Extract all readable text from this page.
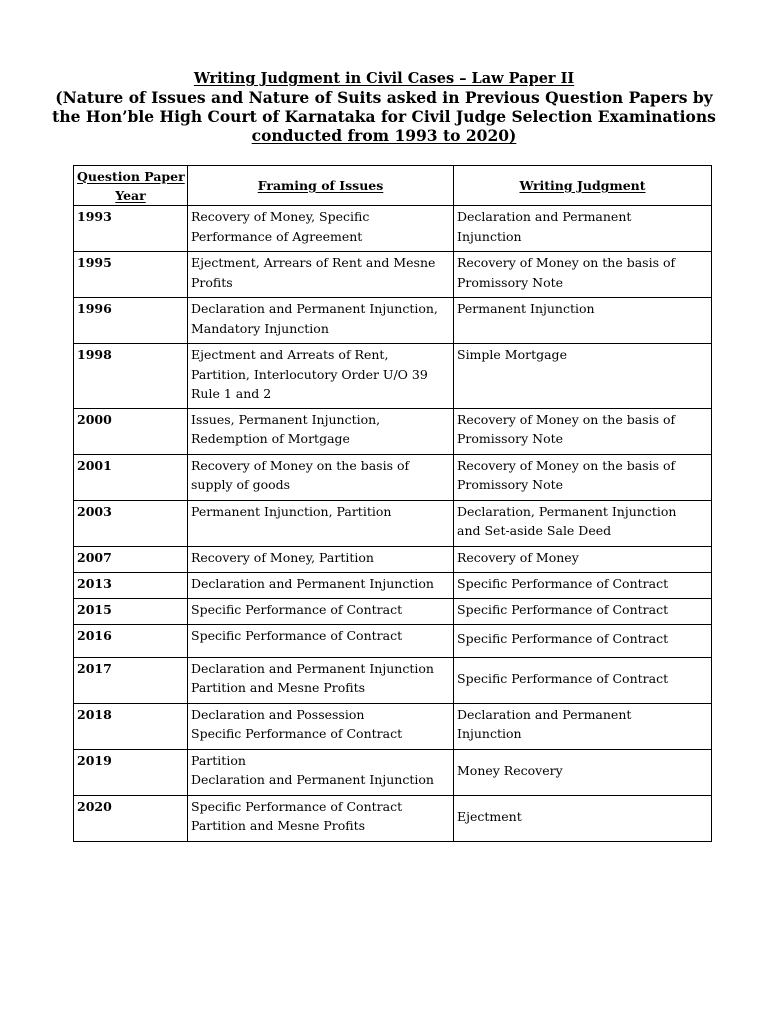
Writing Judgment in Civil Cases – Law Paper II
(Nature of Issues and Nature of Suits asked in Previous Question Papers by
the Hon’ble High Court of Karnataka for Civil Judge Selection Examinations
conducted from 1993 to 2020)
Question Paper
Year	Framing of Issues	Writing Judgment
1993	Recovery of Money, Specific
Performance of Agreement	Declaration and Permanent
Injunction

1995	Ejectment, Arrears of Rent and Mesne
Profits	Recovery of Money on the basis of
Promissory Note

1996	Declaration and Permanent Injunction,
Mandatory Injunction	Permanent Injunction

1998	Ejectment and Arreats of Rent,
Partition, Interlocutory Order U/O 39
Rule 1 and 2	Simple Mortgage

2000	Issues, Permanent Injunction,
Redemption of Mortgage	Recovery of Money on the basis of
Promissory Note

2001	Recovery of Money on the basis of
supply of goods	Recovery of Money on the basis of
Promissory Note

2003	Permanent Injunction, Partition	Declaration, Permanent Injunction
and Set-aside Sale Deed

2007	Recovery of Money, Partition	Recovery of Money

2013	Declaration and Permanent Injunction	Specific Performance of Contract

2015	Specific Performance of Contract	Specific Performance of Contract

2016	Specific Performance of Contract	Specific Performance of Contract

2017	Declaration and Permanent Injunction
Partition and Mesne Profits	Specific Performance of Contract

2018	Declaration and Possession
Specific Performance of Contract	Declaration and Permanent
Injunction

2019	Partition
Declaration and Permanent Injunction	Money Recovery

2020	Specific Performance of Contract
Partition and Mesne Profits	Ejectment
